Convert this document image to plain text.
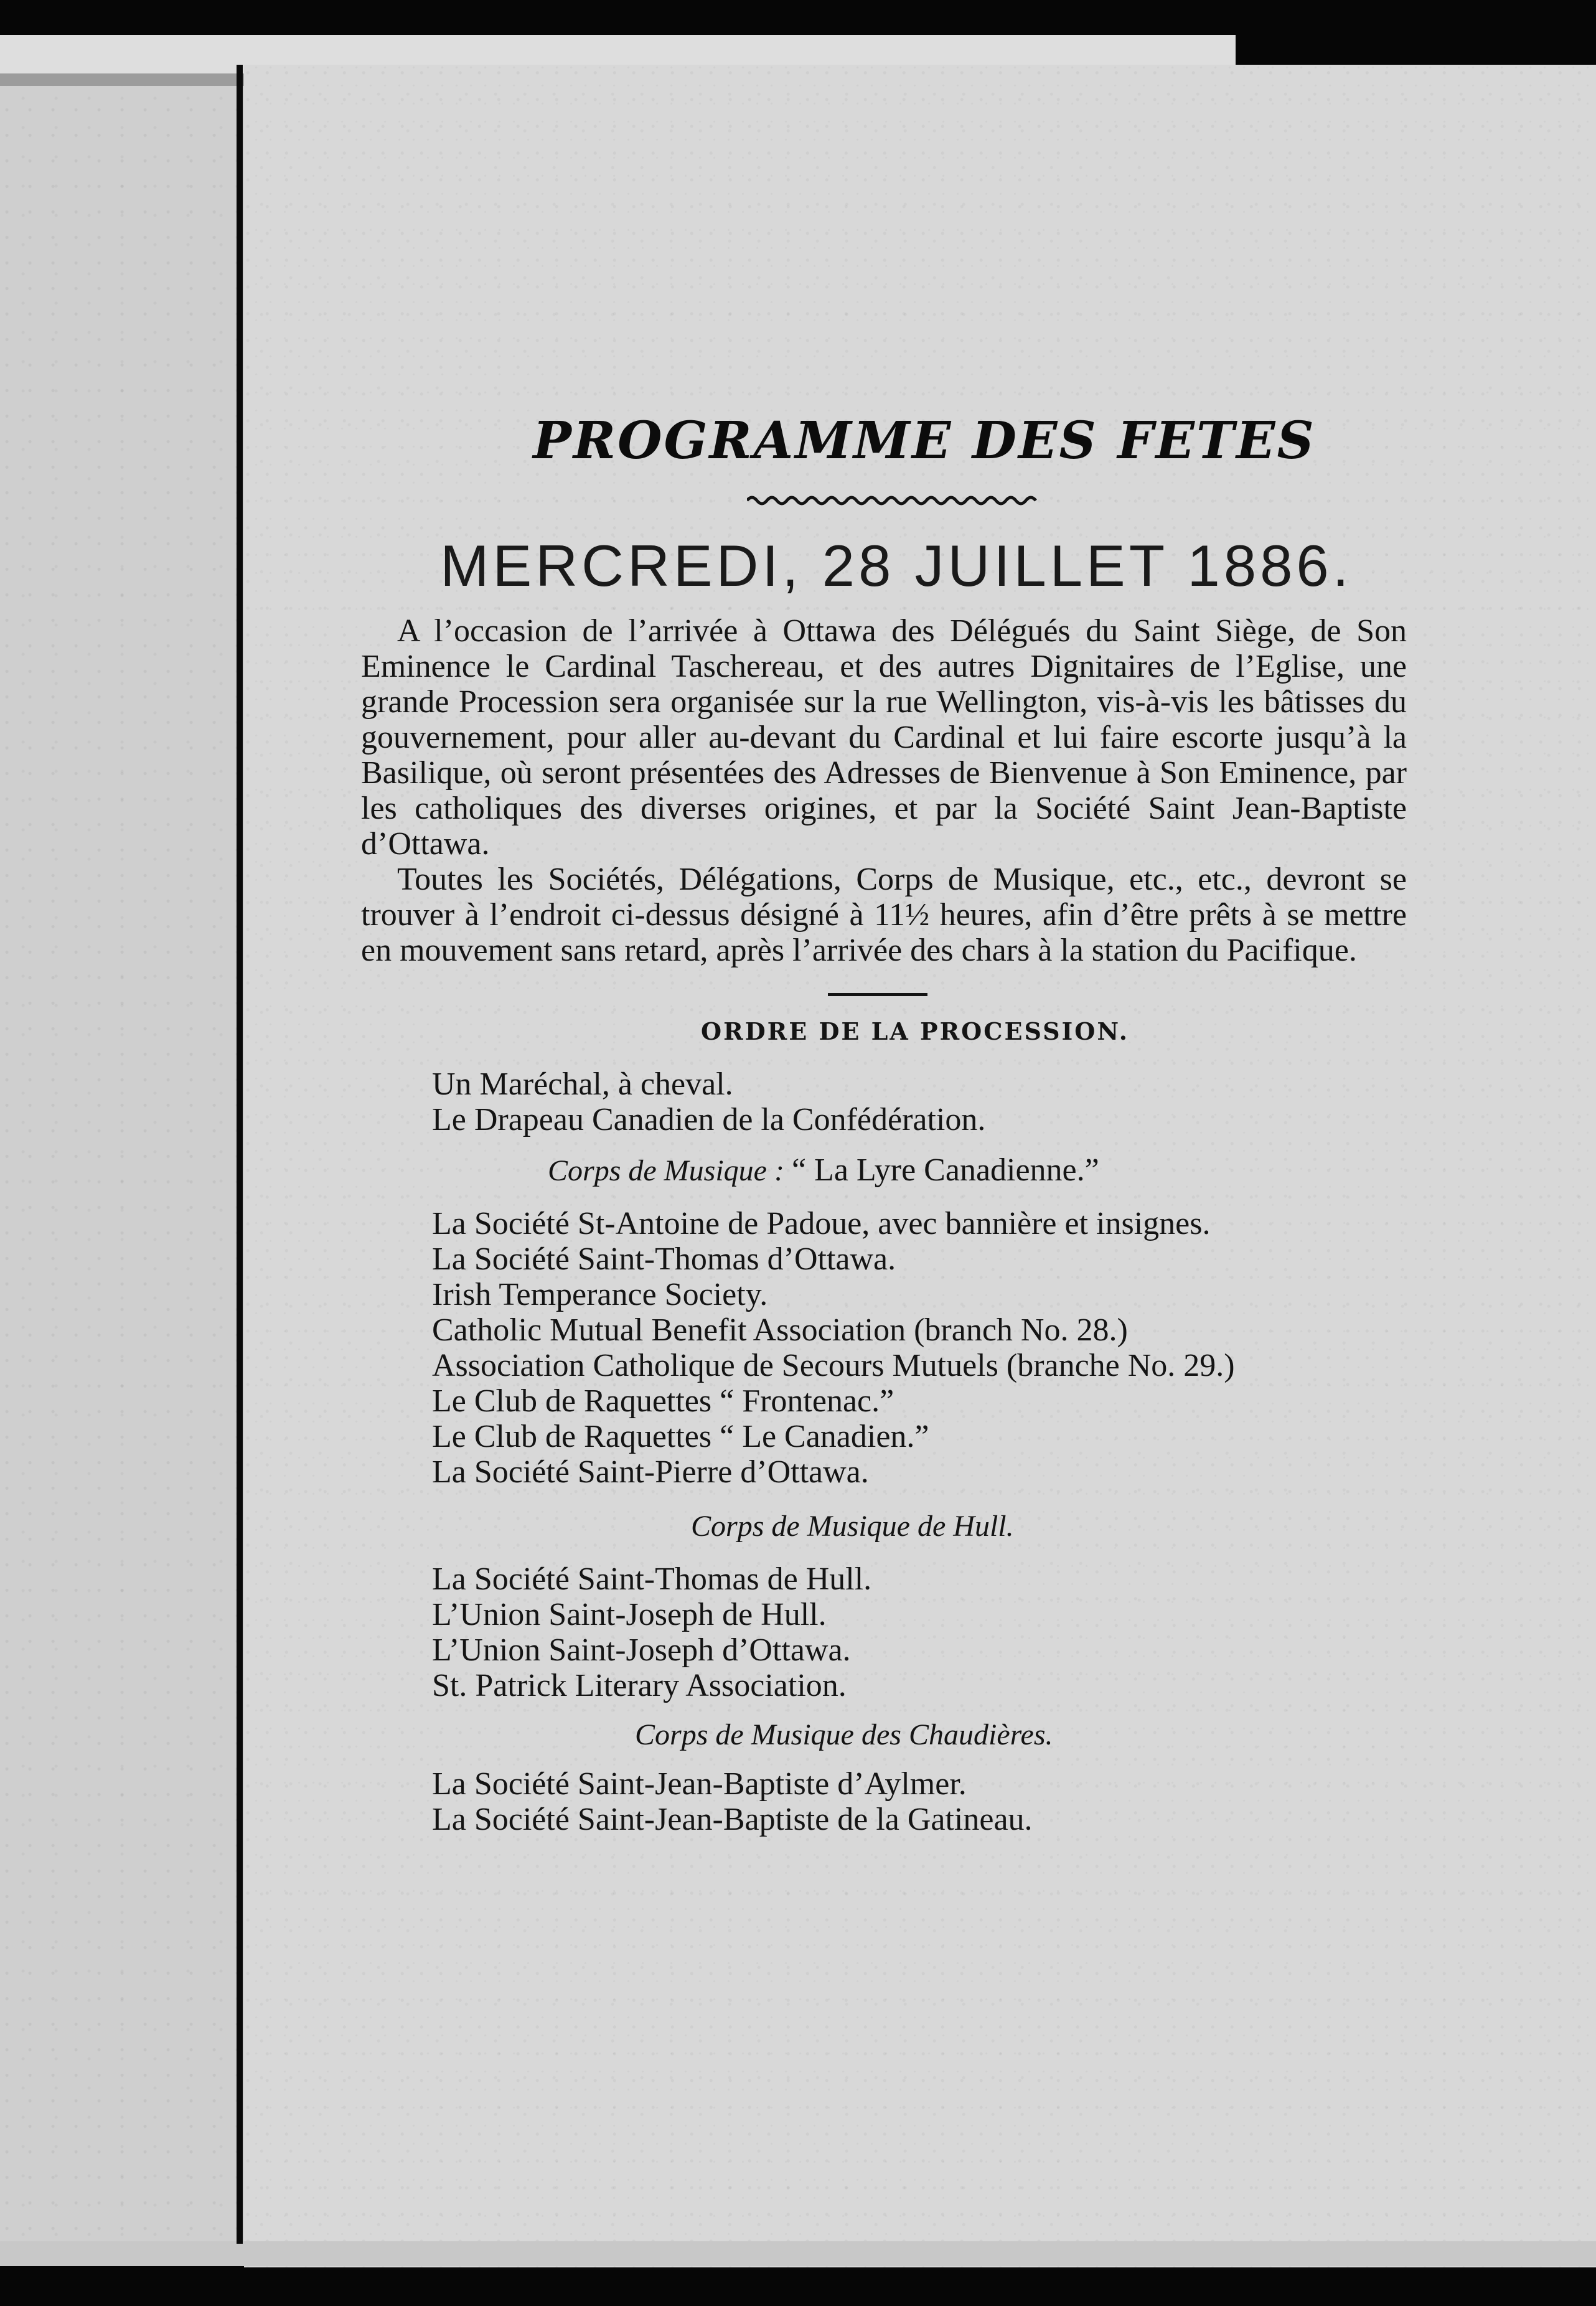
PROGRAMME DES FETES
MERCREDI, 28 JUILLET 1886.

A l’occasion de l’arrivée à Ottawa des Délégués du Saint Siège, de Son Eminence le Cardinal Taschereau, et des autres Dignitaires de l’Eglise, une grande Procession sera organisée sur la rue Wellington, vis-à-vis les bâtisses du gouvernement, pour aller au-devant du Cardinal et lui faire escorte jusqu’à la Basilique, où seront présentées des Adresses de Bienvenue à Son Eminence, par les catholiques des diverses origines, et par la Société Saint Jean-Baptiste d’Ottawa.

Toutes les Sociétés, Délégations, Corps de Musique, etc., etc., devront se trouver à l’endroit ci-dessus désigné à 11½ heures, afin d’être prêts à se mettre en mouvement sans retard, après l’arrivée des chars à la station du Pacifique.

ORDRE DE LA PROCESSION.
Un Maréchal, à cheval.
Le Drapeau Canadien de la Confédération.
Corps de Musique : “ La Lyre Canadienne.”
La Société St-Antoine de Padoue, avec bannière et insignes.
La Société Saint-Thomas d’Ottawa.
Irish Temperance Society.
Catholic Mutual Benefit Association (branch No. 28.)
Association Catholique de Secours Mutuels (branche No. 29.)
Le Club de Raquettes “ Frontenac.”
Le Club de Raquettes “ Le Canadien.”
La Société Saint-Pierre d’Ottawa.
Corps de Musique de Hull.
La Société Saint-Thomas de Hull.
L’Union Saint-Joseph de Hull.
L’Union Saint-Joseph d’Ottawa.
St. Patrick Literary Association.
Corps de Musique des Chaudières.
La Société Saint-Jean-Baptiste d’Aylmer.
La Société Saint-Jean-Baptiste de la Gatineau.
